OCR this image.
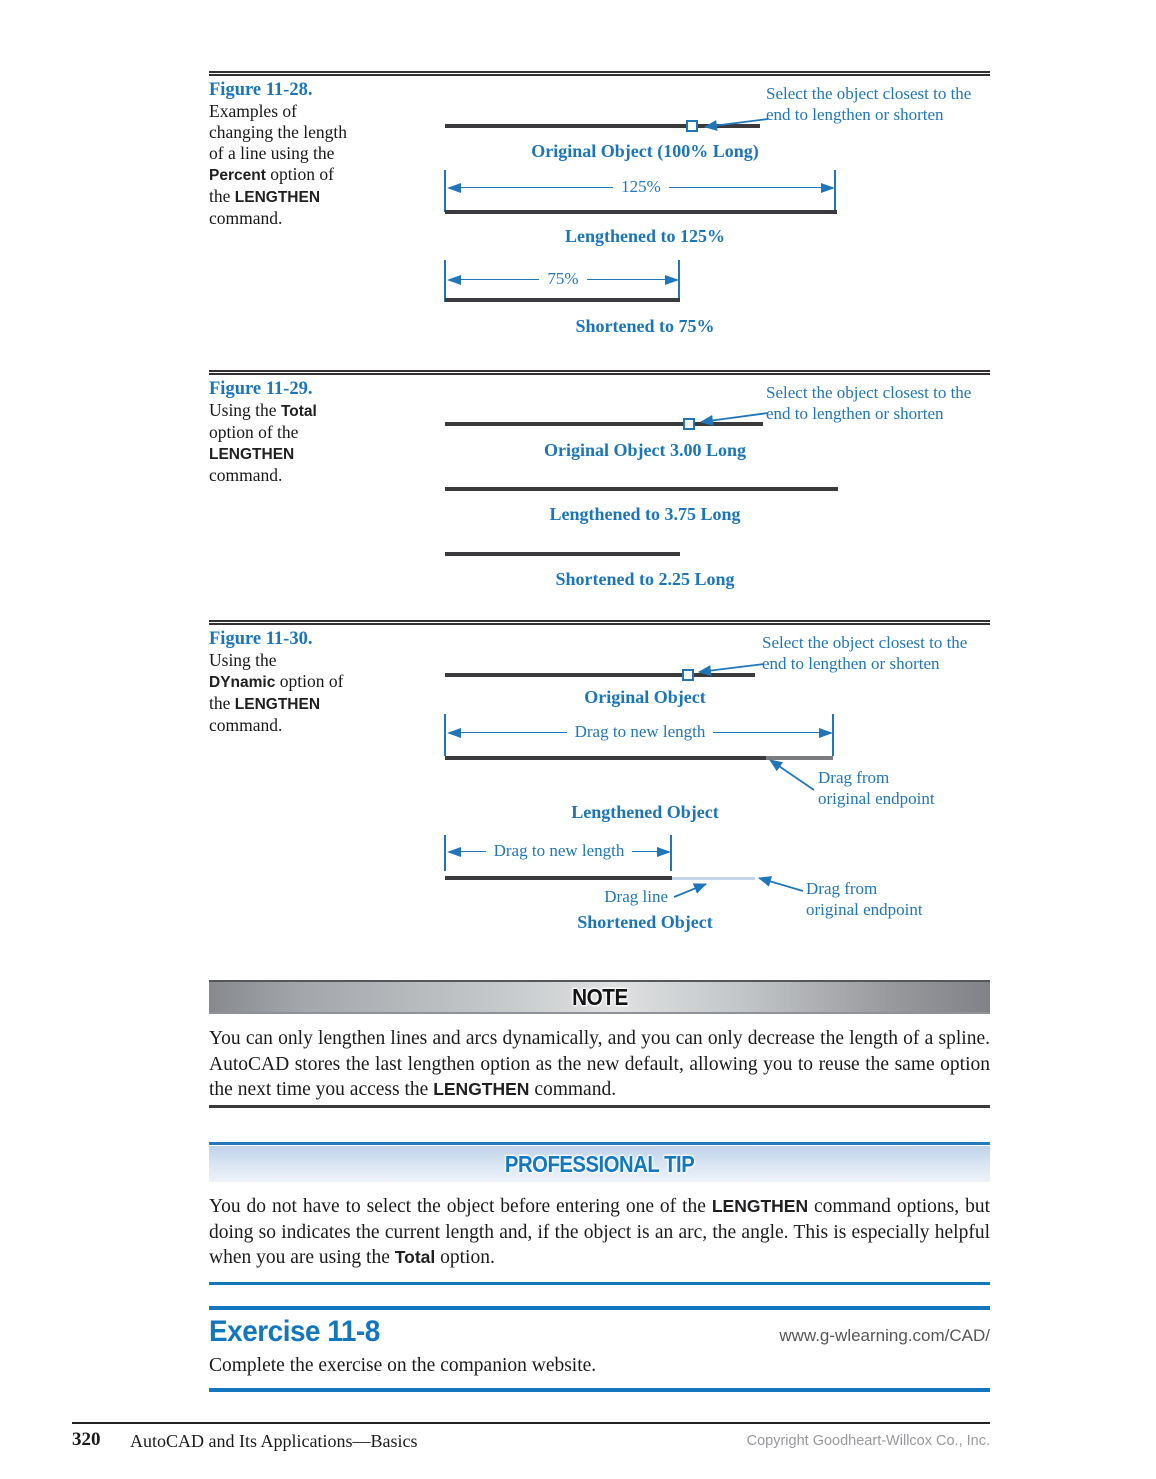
Figure 11-28.
Examples of changing the length of a line using the Percent option of the LENGTHEN command.
Select the object closest to the
end to lengthen or shorten
Original Object (100% Long)
125%
Lengthened to 125%
75%
Shortened to 75%
Figure 11-29.
Using the Total option of the LENGTHEN command.
Select the object closest to the
end to lengthen or shorten
Original Object 3.00 Long
Lengthened to 3.75 Long
Shortened to 2.25 Long
Figure 11-30.
Using the DYnamic option of the LENGTHEN command.
Select the object closest to the
end to lengthen or shorten
Original Object
Drag to new length
Drag from
original endpoint
Lengthened Object
Drag to new length
Drag line	Drag from
original endpoint
Shortened Object
NOTE
You can only lengthen lines and arcs dynamically, and you can only decrease the length of a spline. AutoCAD stores the last lengthen option as the new default, allowing you to reuse the same option the next time you access the LENGTHEN command.
PROFESSIONAL TIP
You do not have to select the object before entering one of the LENGTHEN command options, but doing so indicates the current length and, if the object is an arc, the angle. This is especially helpful when you are using the Total option.
Exercise 11-8	www.g-wlearning.com/CAD/
Complete the exercise on the companion website.
320 AutoCAD and Its Applications—Basics	Copyright Goodheart-Willcox Co., Inc.
